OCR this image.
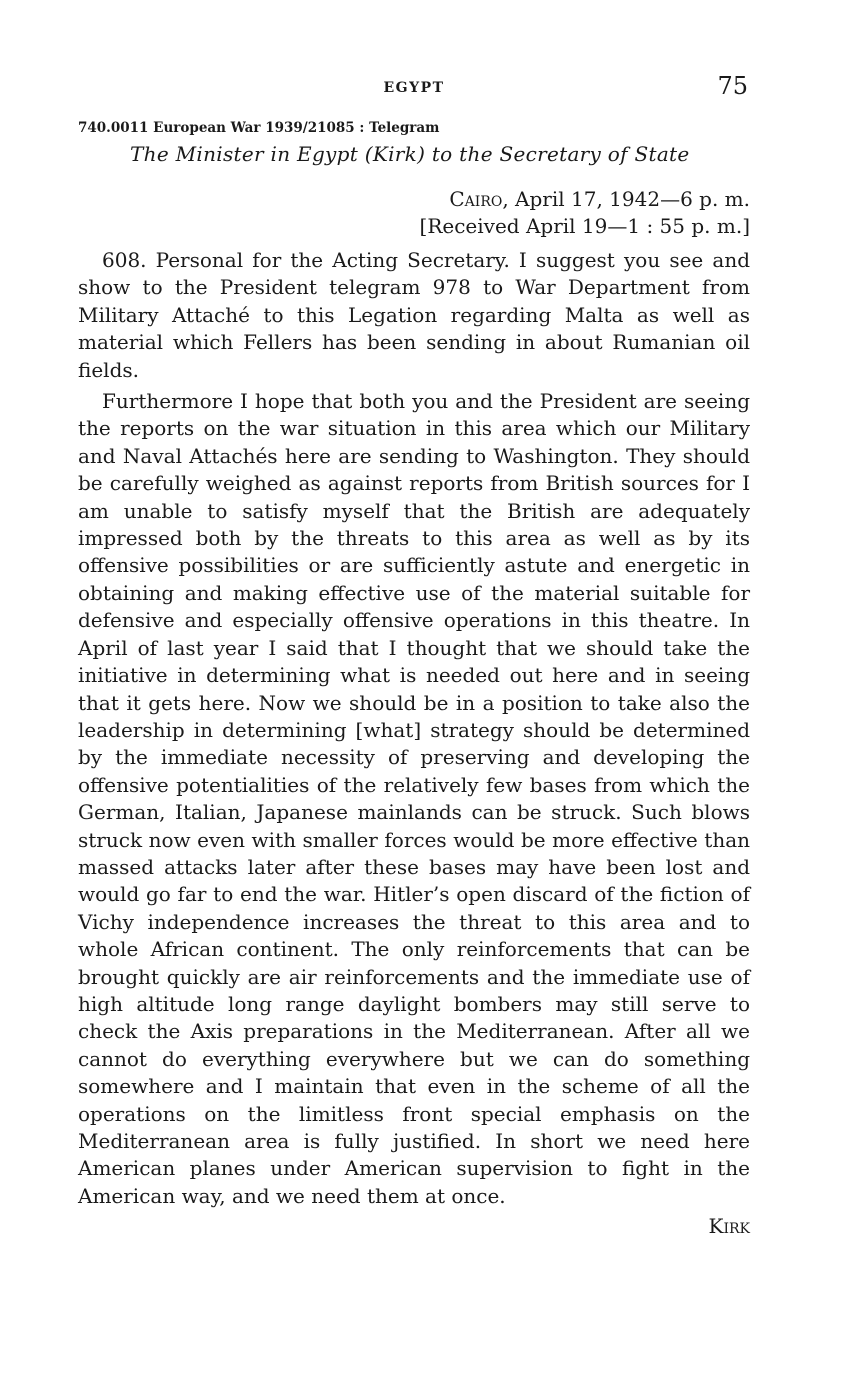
EGYPT	75
740.0011 European War 1939/21085 : Telegram
The Minister in Egypt (Kirk) to the Secretary of State
Cairo, April 17, 1942—6 p. m.
[Received April 19—1 : 55 p. m.]

608. Personal for the Acting Secretary. I suggest you see and show to the President telegram 978 to War Department from Military Attaché to this Legation regarding Malta as well as material which Fellers has been sending in about Rumanian oil fields.

Furthermore I hope that both you and the President are seeing the reports on the war situation in this area which our Military and Naval Attachés here are sending to Washington. They should be carefully weighed as against reports from British sources for I am unable to satisfy myself that the British are adequately impressed both by the threats to this area as well as by its offensive possibilities or are sufficiently astute and energetic in obtaining and making effective use of the material suitable for defensive and especially offensive operations in this theatre. In April of last year I said that I thought that we should take the initiative in determining what is needed out here and in seeing that it gets here. Now we should be in a position to take also the leadership in determining [what] strategy should be determined by the immediate necessity of preserving and developing the offensive potentialities of the relatively few bases from which the German, Italian, Japanese mainlands can be struck. Such blows struck now even with smaller forces would be more effective than massed attacks later after these bases may have been lost and would go far to end the war. Hitler’s open discard of the fiction of Vichy independence increases the threat to this area and to whole African continent. The only reinforcements that can be brought quickly are air reinforcements and the immediate use of high altitude long range daylight bombers may still serve to check the Axis preparations in the Mediterranean. After all we cannot do everything everywhere but we can do something somewhere and I maintain that even in the scheme of all the operations on the limitless front special emphasis on the Mediterranean area is fully justified. In short we need here American planes under American supervision to fight in the American way, and we need them at once.

Kirk
